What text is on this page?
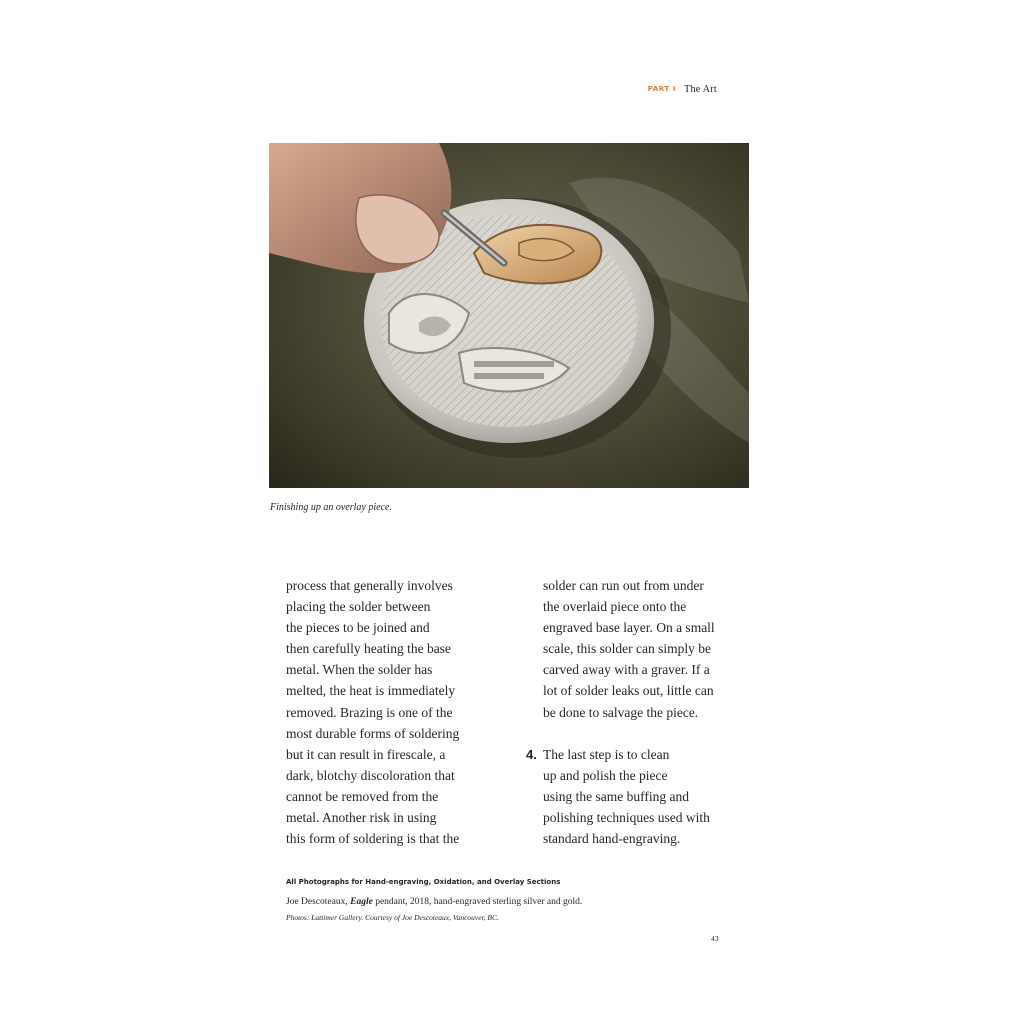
PART I The Art
Finishing up an overlay piece.

process that generally involves

placing the solder between

the pieces to be joined and

then carefully heating the base

metal. When the solder has

melted, the heat is immediately

removed. Brazing is one of the

most durable forms of soldering

but it can result in firescale, a

dark, blotchy discoloration that

cannot be removed from the

metal. Another risk in using

this form of soldering is that the

solder can run out from under

the overlaid piece onto the

engraved base layer. On a small

scale, this solder can simply be

carved away with a graver. If a

lot of solder leaks out, little can

be done to salvage the piece.

4. The last step is to clean

up and polish the piece

using the same buffing and

polishing techniques used with

standard hand-engraving.

All Photographs for Hand-engraving, Oxidation, and Overlay Sections
Joe Descoteaux, Eagle pendant, 2018, hand-engraved sterling silver and gold.
Photos: Lattimer Gallery. Courtesy of Joe Descoteaux, Vancouver, BC.
43
